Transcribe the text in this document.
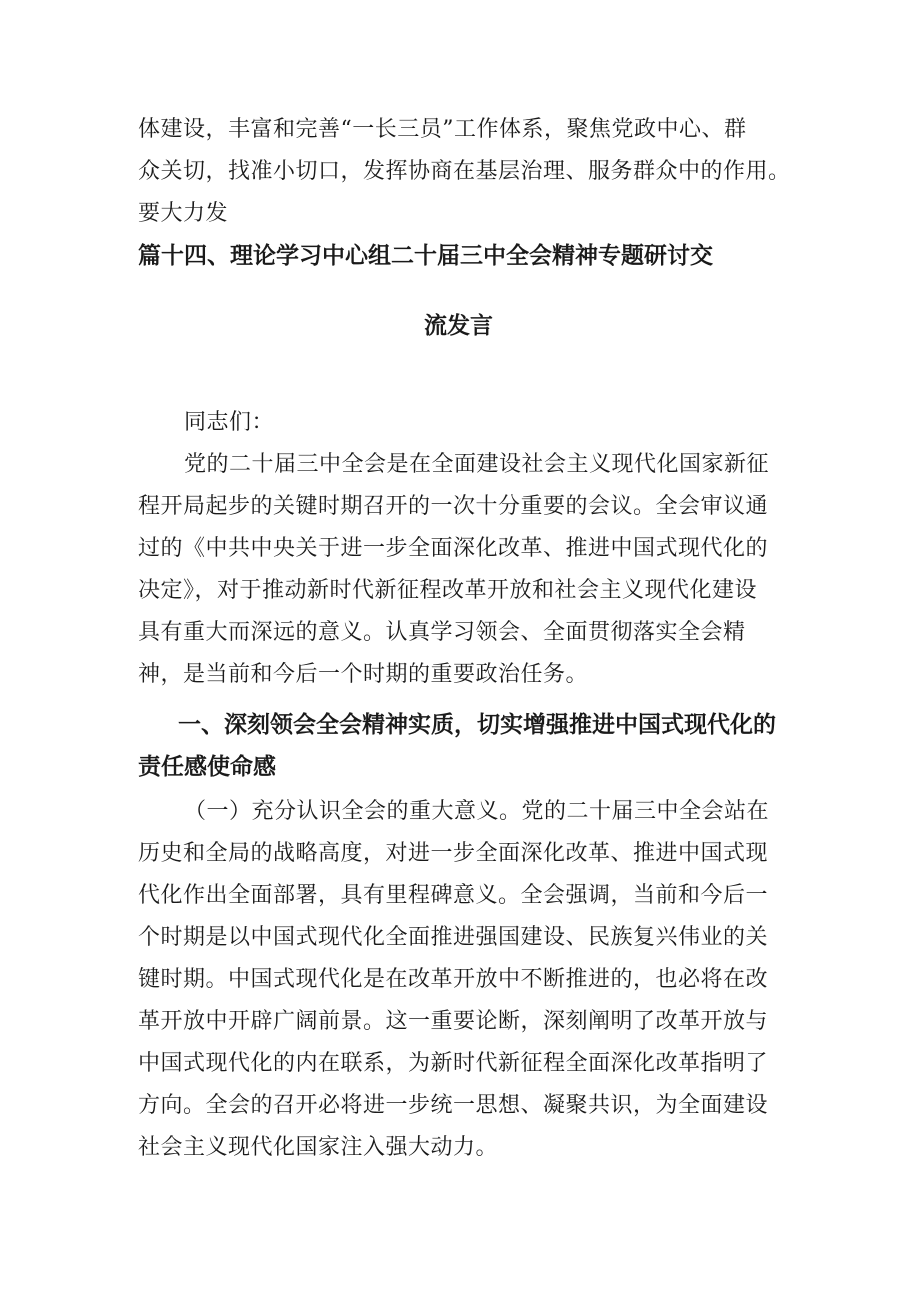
体建设，丰富和完善“一长三员”工作体系，聚焦党政中心、群
众关切，找准小切口，发挥协商在基层治理、服务群众中的作用。
要大力发
篇十四、理论学习中心组二十届三中全会精神专题研讨交
流发言
同志们：
党的二十届三中全会是在全面建设社会主义现代化国家新征
程开局起步的关键时期召开的一次十分重要的会议。全会审议通
过的《中共中央关于进一步全面深化改革、推进中国式现代化的
决定》，对于推动新时代新征程改革开放和社会主义现代化建设
具有重大而深远的意义。认真学习领会、全面贯彻落实全会精
神，是当前和今后一个时期的重要政治任务。
一、深刻领会全会精神实质，切实增强推进中国式现代化的
责任感使命感
（一）充分认识全会的重大意义。党的二十届三中全会站在
历史和全局的战略高度，对进一步全面深化改革、推进中国式现
代化作出全面部署，具有里程碑意义。全会强调，当前和今后一
个时期是以中国式现代化全面推进强国建设、民族复兴伟业的关
键时期。中国式现代化是在改革开放中不断推进的，也必将在改
革开放中开辟广阔前景。这一重要论断，深刻阐明了改革开放与
中国式现代化的内在联系，为新时代新征程全面深化改革指明了
方向。全会的召开必将进一步统一思想、凝聚共识，为全面建设
社会主义现代化国家注入强大动力。
